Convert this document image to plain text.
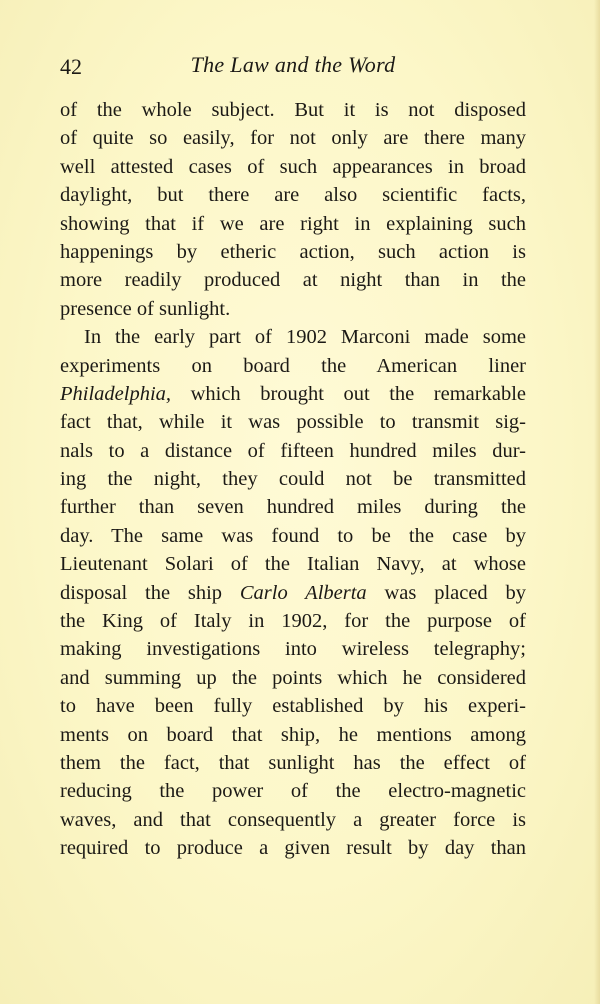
42	The Law and the Word
of the whole subject. But it is not disposed
of quite so easily, for not only are there many
well attested cases of such appearances in broad
daylight, but there are also scientific facts,
showing that if we are right in explaining such
happenings by etheric action, such action is
more readily produced at night than in the
presence of sunlight.
In the early part of 1902 Marconi made some
experiments on board the American liner
Philadelphia, which brought out the remarkable
fact that, while it was possible to transmit sig-
nals to a distance of fifteen hundred miles dur-
ing the night, they could not be transmitted
further than seven hundred miles during the
day. The same was found to be the case by
Lieutenant Solari of the Italian Navy, at whose
disposal the ship Carlo Alberta was placed by
the King of Italy in 1902, for the purpose of
making investigations into wireless telegraphy;
and summing up the points which he considered
to have been fully established by his experi-
ments on board that ship, he mentions among
them the fact, that sunlight has the effect of
reducing the power of the electro-magnetic
waves, and that consequently a greater force is
required to produce a given result by day than
